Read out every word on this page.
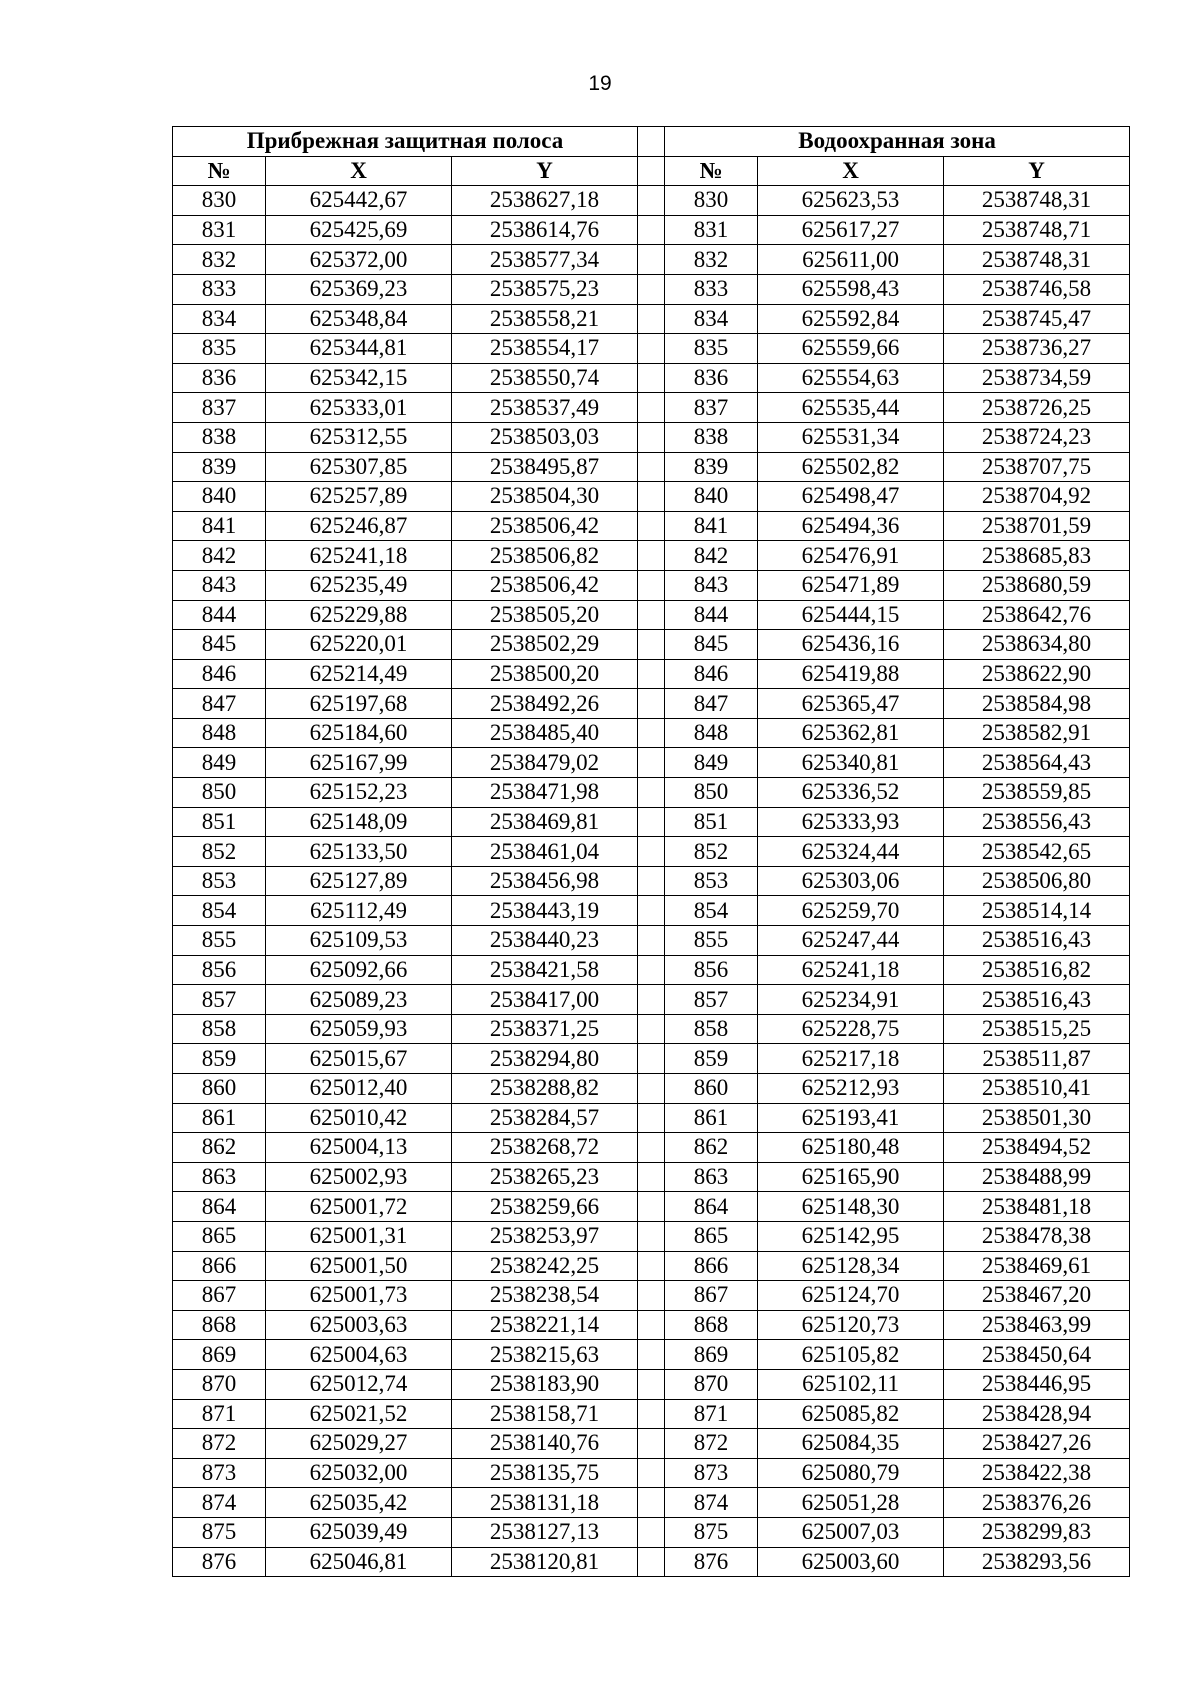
19
Прибрежная защитная полоса				Водоохранная зона		
№	X	Y		№	X	Y
830	625442,67	2538627,18		830	625623,53	2538748,31
831	625425,69	2538614,76		831	625617,27	2538748,71
832	625372,00	2538577,34		832	625611,00	2538748,31
833	625369,23	2538575,23		833	625598,43	2538746,58
834	625348,84	2538558,21		834	625592,84	2538745,47
835	625344,81	2538554,17		835	625559,66	2538736,27
836	625342,15	2538550,74		836	625554,63	2538734,59
837	625333,01	2538537,49		837	625535,44	2538726,25
838	625312,55	2538503,03		838	625531,34	2538724,23
839	625307,85	2538495,87		839	625502,82	2538707,75
840	625257,89	2538504,30		840	625498,47	2538704,92
841	625246,87	2538506,42		841	625494,36	2538701,59
842	625241,18	2538506,82		842	625476,91	2538685,83
843	625235,49	2538506,42		843	625471,89	2538680,59
844	625229,88	2538505,20		844	625444,15	2538642,76
845	625220,01	2538502,29		845	625436,16	2538634,80
846	625214,49	2538500,20		846	625419,88	2538622,90
847	625197,68	2538492,26		847	625365,47	2538584,98
848	625184,60	2538485,40		848	625362,81	2538582,91
849	625167,99	2538479,02		849	625340,81	2538564,43
850	625152,23	2538471,98		850	625336,52	2538559,85
851	625148,09	2538469,81		851	625333,93	2538556,43
852	625133,50	2538461,04		852	625324,44	2538542,65
853	625127,89	2538456,98		853	625303,06	2538506,80
854	625112,49	2538443,19		854	625259,70	2538514,14
855	625109,53	2538440,23		855	625247,44	2538516,43
856	625092,66	2538421,58		856	625241,18	2538516,82
857	625089,23	2538417,00		857	625234,91	2538516,43
858	625059,93	2538371,25		858	625228,75	2538515,25
859	625015,67	2538294,80		859	625217,18	2538511,87
860	625012,40	2538288,82		860	625212,93	2538510,41
861	625010,42	2538284,57		861	625193,41	2538501,30
862	625004,13	2538268,72		862	625180,48	2538494,52
863	625002,93	2538265,23		863	625165,90	2538488,99
864	625001,72	2538259,66		864	625148,30	2538481,18
865	625001,31	2538253,97		865	625142,95	2538478,38
866	625001,50	2538242,25		866	625128,34	2538469,61
867	625001,73	2538238,54		867	625124,70	2538467,20
868	625003,63	2538221,14		868	625120,73	2538463,99
869	625004,63	2538215,63		869	625105,82	2538450,64
870	625012,74	2538183,90		870	625102,11	2538446,95
871	625021,52	2538158,71		871	625085,82	2538428,94
872	625029,27	2538140,76		872	625084,35	2538427,26
873	625032,00	2538135,75		873	625080,79	2538422,38
874	625035,42	2538131,18		874	625051,28	2538376,26
875	625039,49	2538127,13		875	625007,03	2538299,83
876	625046,81	2538120,81		876	625003,60	2538293,56
